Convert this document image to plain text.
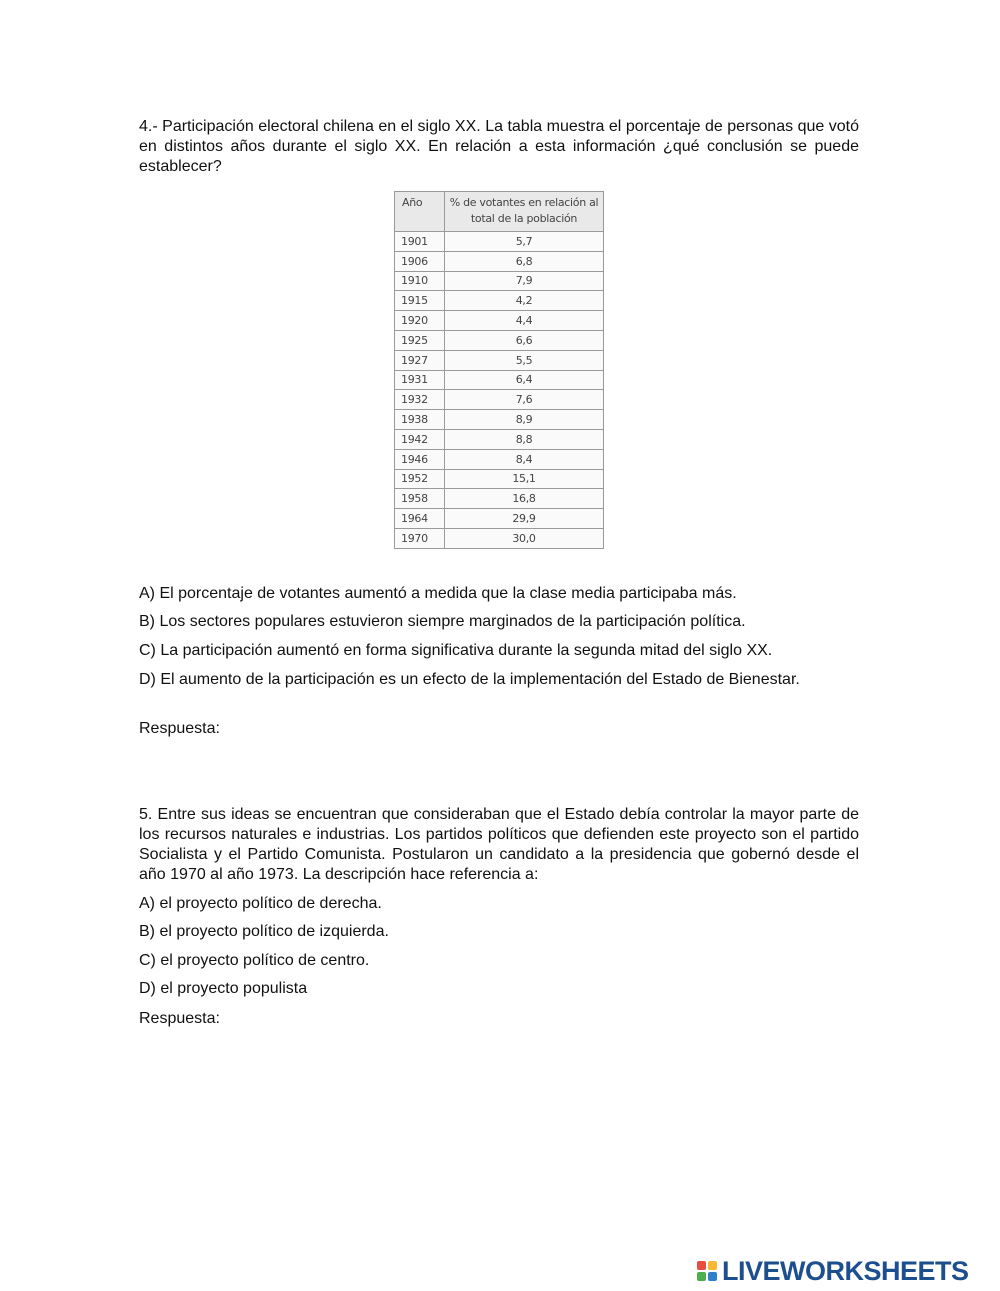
4.- Participación electoral chilena en el siglo XX. La tabla muestra el porcentaje de personas que votó en distintos años durante el siglo XX. En relación a esta información ¿qué conclusión se puede establecer?

Año	% de votantes en relación al total de la población
1901	5,7
1906	6,8
1910	7,9
1915	4,2
1920	4,4
1925	6,6
1927	5,5
1931	6,4
1932	7,6
1938	8,9
1942	8,8
1946	8,4
1952	15,1
1958	16,8
1964	29,9
1970	30,0

A) El porcentaje de votantes aumentó a medida que la clase media participaba más.

B) Los sectores populares estuvieron siempre marginados de la participación política.

C) La participación aumentó en forma significativa durante la segunda mitad del siglo XX.

D) El aumento de la participación es un efecto de la implementación del Estado de Bienestar.

Respuesta:

5. Entre sus ideas se encuentran que consideraban que el Estado debía controlar la mayor parte de los recursos naturales e industrias. Los partidos políticos que defienden este proyecto son el partido Socialista y el Partido Comunista. Postularon un candidato a la presidencia que gobernó desde el año 1970 al año 1973. La descripción hace referencia a:

A) el proyecto político de derecha.

B) el proyecto político de izquierda.

C) el proyecto político de centro.

D) el proyecto populista

Respuesta:

LIVEWORKSHEETS
